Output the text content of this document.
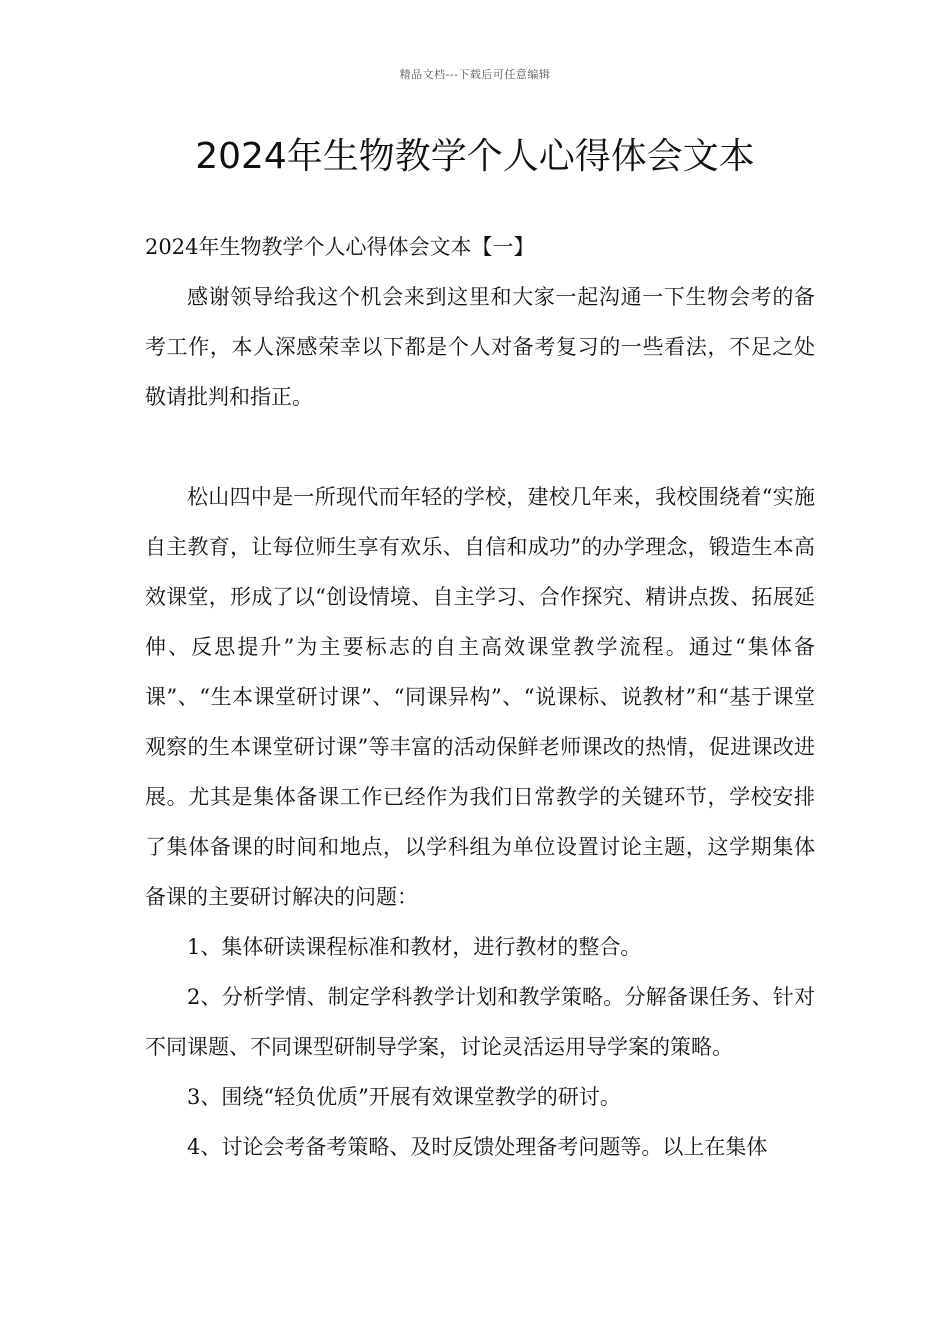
精品文档---下载后可任意编辑
2024年生物教学个人心得体会文本

2024年生物教学个人心得体会文本【一】

感谢领导给我这个机会来到这里和大家一起沟通一下生物会考的备考工作，本人深感荣幸以下都是个人对备考复习的一些看法，不足之处敬请批判和指正。

松山四中是一所现代而年轻的学校，建校几年来，我校围绕着“实施自主教育，让每位师生享有欢乐、自信和成功”的办学理念，锻造生本高效课堂，形成了以“创设情境、自主学习、合作探究、精讲点拨、拓展延伸、反思提升”为主要标志的自主高效课堂教学流程。通过“集体备课”、“生本课堂研讨课”、“同课异构”、“说课标、说教材”和“基于课堂观察的生本课堂研讨课”等丰富的活动保鲜老师课改的热情，促进课改进展。尤其是集体备课工作已经作为我们日常教学的关键环节，学校安排了集体备课的时间和地点，以学科组为单位设置讨论主题，这学期集体备课的主要研讨解决的问题：

1、集体研读课程标准和教材，进行教材的整合。

2、分析学情、制定学科教学计划和教学策略。分解备课任务、针对不同课题、不同课型研制导学案，讨论灵活运用导学案的策略。

3、围绕“轻负优质”开展有效课堂教学的研讨。

4、讨论会考备考策略、及时反馈处理备考问题等。以上在集体
